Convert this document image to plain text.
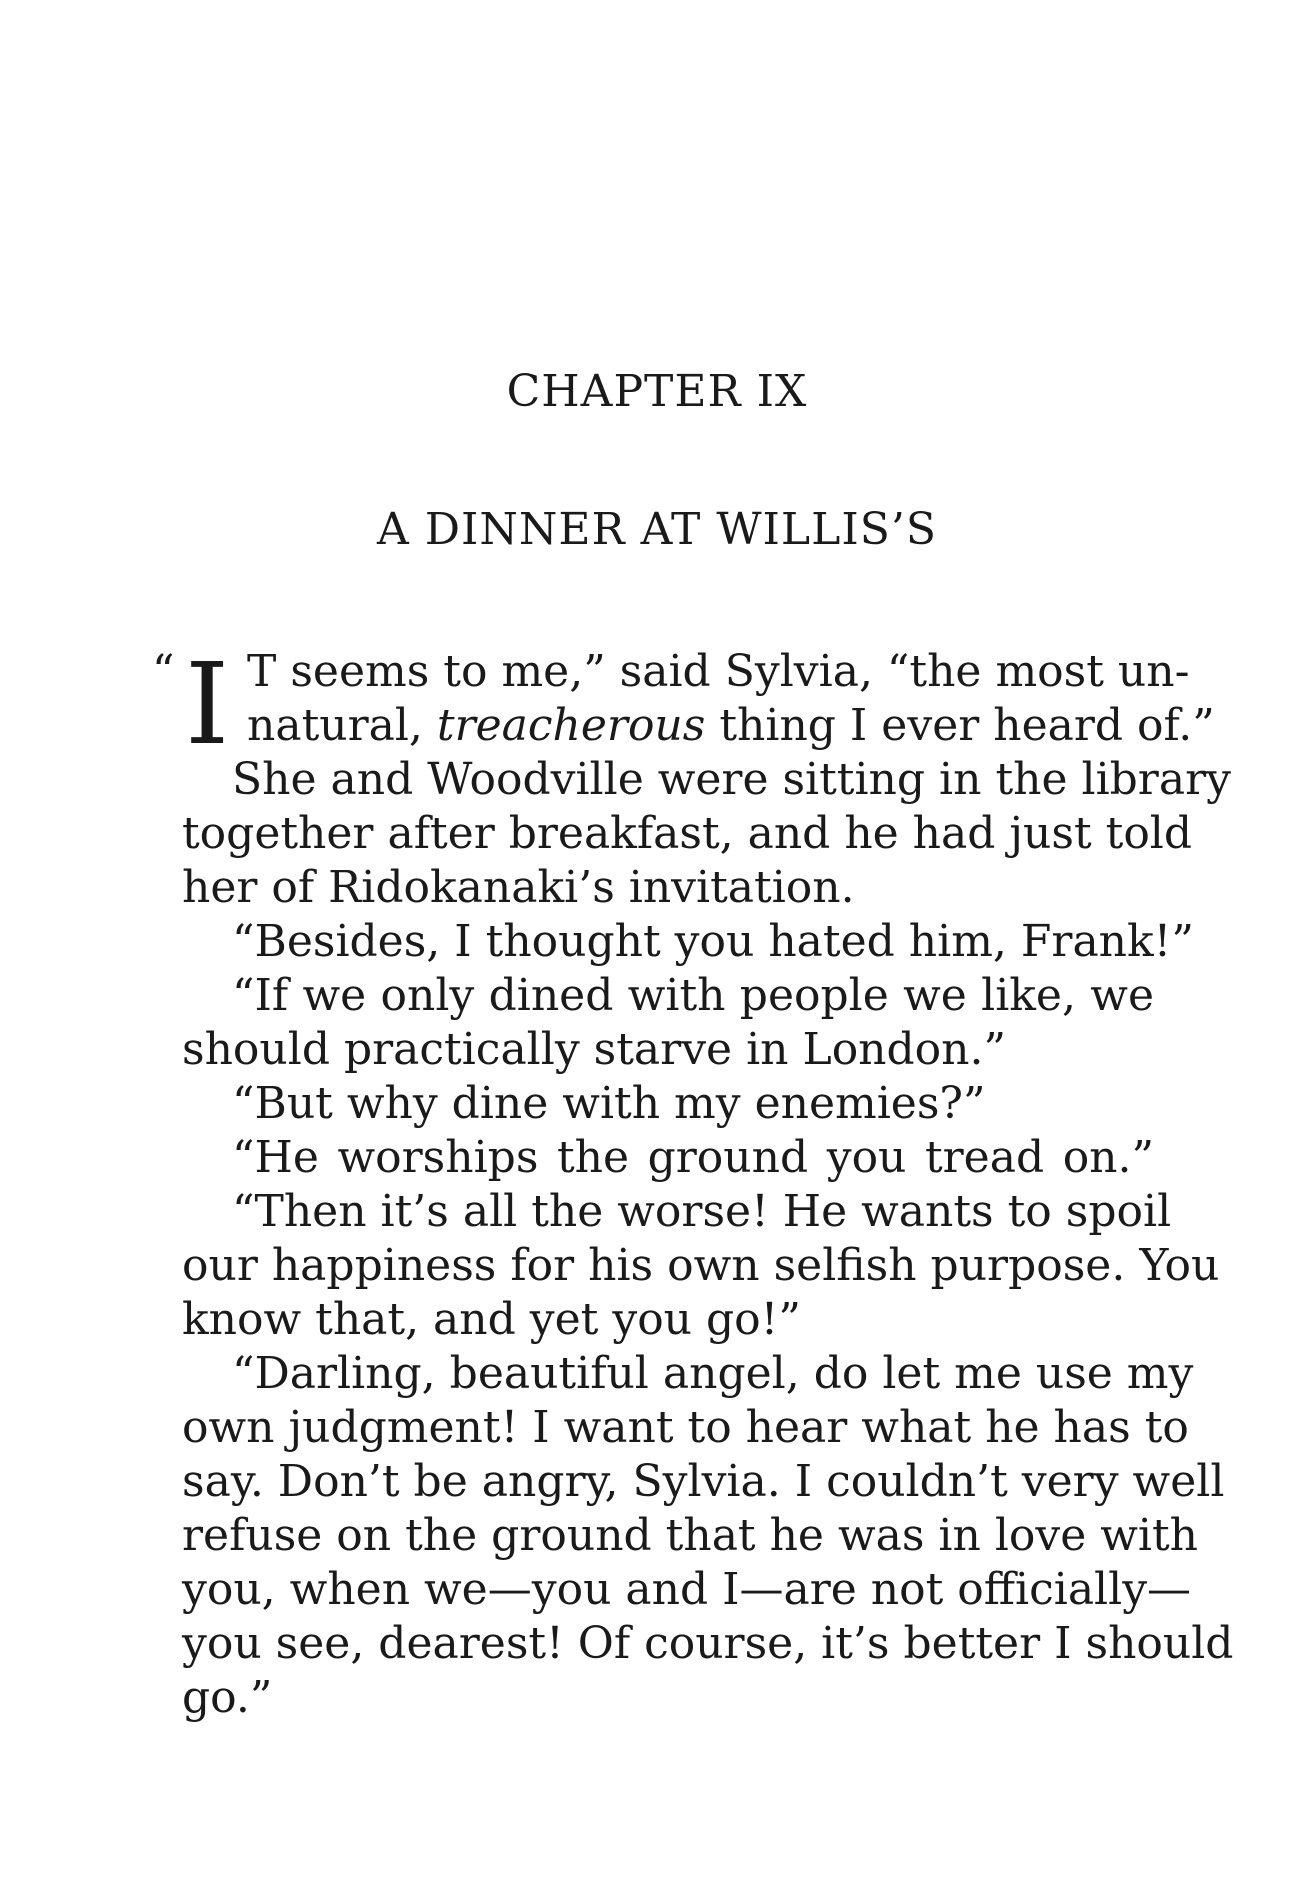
CHAPTER IX
A DINNER AT WILLIS’S
“ I T seems to me,” said Sylvia, “the most un-
natural, treacherous thing I ever heard of.”
She and Woodville were sitting in the library
together after breakfast, and he had just told
her of Ridokanaki’s invitation.
“Besides, I thought you hated him, Frank!”
“If we only dined with people we like, we
should practically starve in London.”
“But why dine with my enemies?”
“He worships the ground you tread on.”
“Then it’s all the worse! He wants to spoil
our happiness for his own selfish purpose. You
know that, and yet you go!”
“Darling, beautiful angel, do let me use my
own judgment! I want to hear what he has to
say. Don’t be angry, Sylvia. I couldn’t very well
refuse on the ground that he was in love with
you, when we—you and I—are not officially—
you see, dearest! Of course, it’s better I should
go.”
